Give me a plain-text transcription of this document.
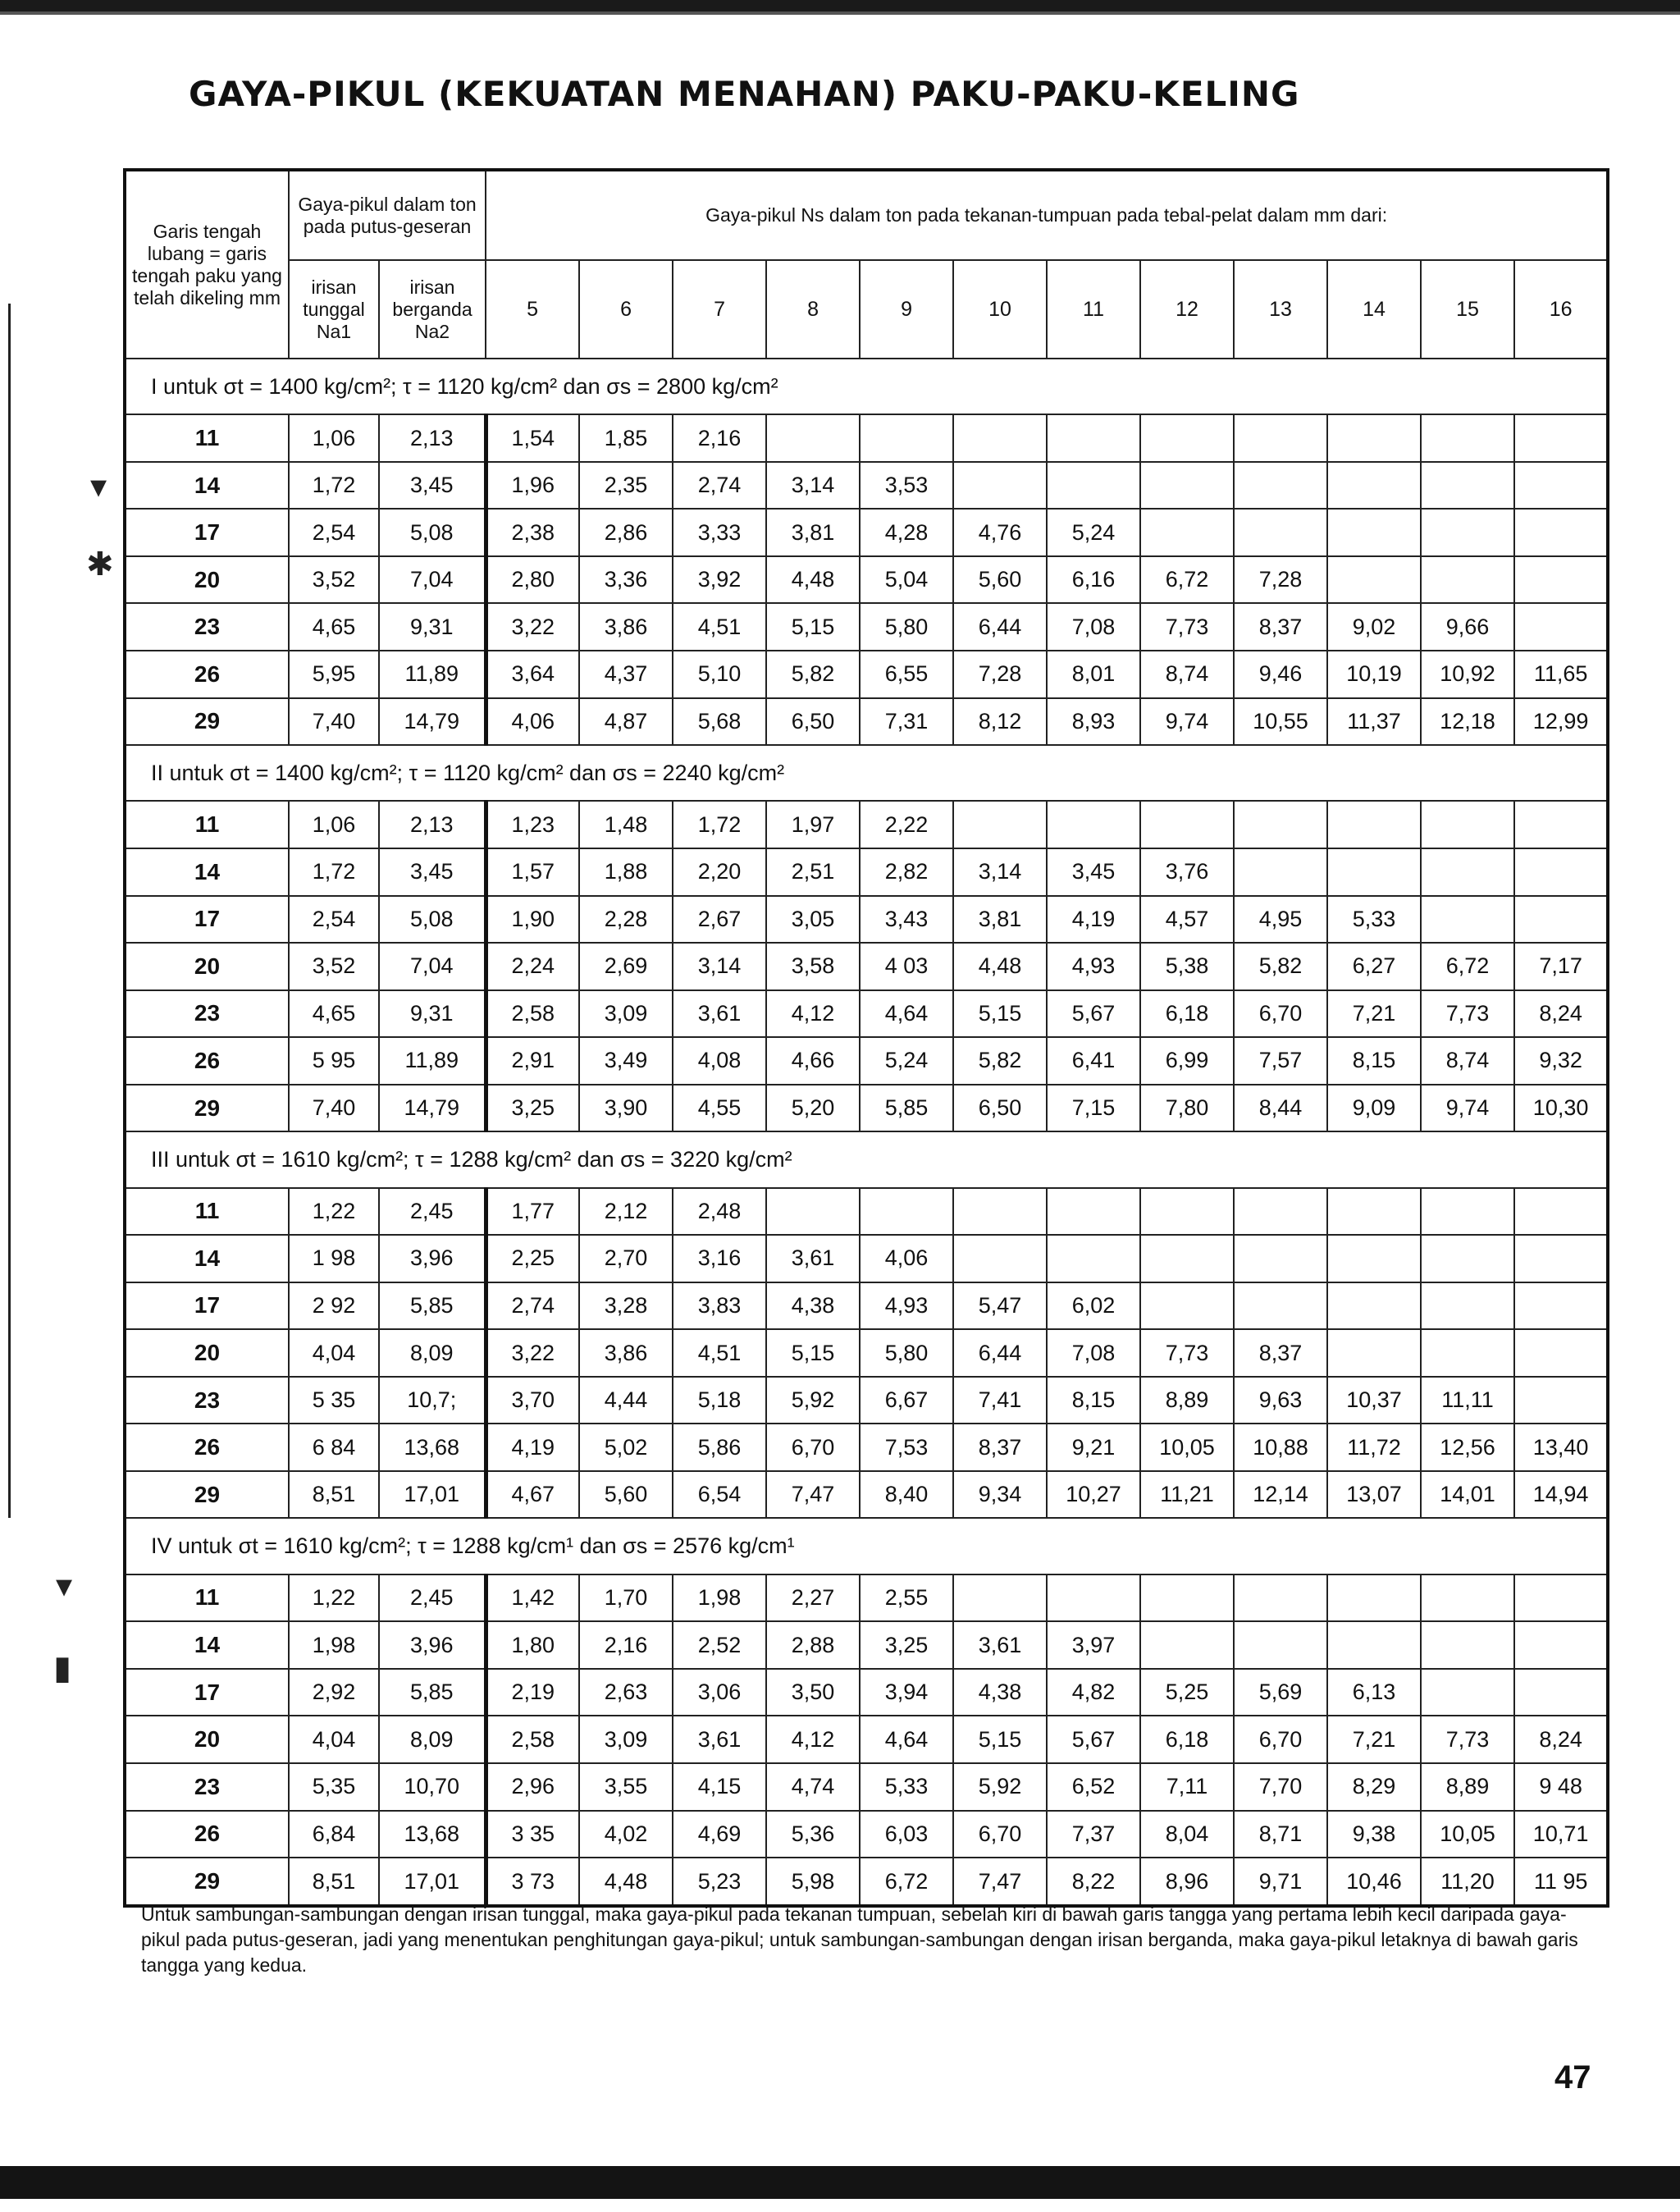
▾
✱
▾
▮
GAYA-PIKUL (KEKUATAN MENAHAN) PAKU-PAKU-KELING
Garis tengah lubang = garis tengah paku yang telah dikeling mm	Gaya-pikul dalam ton pada putus-geseran		Gaya-pikul Ns dalam ton pada tekanan-tumpuan pada tebal-pelat dalam mm dari:											
	irisan tunggal Na1	irisan berganda Na2	5	6	7	8	9	10	11	12	13	14	15	16
I untuk σt = 1400 kg/cm²; τ = 1120 kg/cm² dan σs = 2800 kg/cm²														
11	1,06	2,13	1,54	1,85	2,16									
14	1,72	3,45	1,96	2,35	2,74	3,14	3,53							
17	2,54	5,08	2,38	2,86	3,33	3,81	4,28	4,76	5,24					
20	3,52	7,04	2,80	3,36	3,92	4,48	5,04	5,60	6,16	6,72	7,28			
23	4,65	9,31	3,22	3,86	4,51	5,15	5,80	6,44	7,08	7,73	8,37	9,02	9,66	
26	5,95	11,89	3,64	4,37	5,10	5,82	6,55	7,28	8,01	8,74	9,46	10,19	10,92	11,65
29	7,40	14,79	4,06	4,87	5,68	6,50	7,31	8,12	8,93	9,74	10,55	11,37	12,18	12,99
II untuk σt = 1400 kg/cm²; τ = 1120 kg/cm² dan σs = 2240 kg/cm²														
11	1,06	2,13	1,23	1,48	1,72	1,97	2,22							
14	1,72	3,45	1,57	1,88	2,20	2,51	2,82	3,14	3,45	3,76				
17	2,54	5,08	1,90	2,28	2,67	3,05	3,43	3,81	4,19	4,57	4,95	5,33		
20	3,52	7,04	2,24	2,69	3,14	3,58	4 03	4,48	4,93	5,38	5,82	6,27	6,72	7,17
23	4,65	9,31	2,58	3,09	3,61	4,12	4,64	5,15	5,67	6,18	6,70	7,21	7,73	8,24
26	5 95	11,89	2,91	3,49	4,08	4,66	5,24	5,82	6,41	6,99	7,57	8,15	8,74	9,32
29	7,40	14,79	3,25	3,90	4,55	5,20	5,85	6,50	7,15	7,80	8,44	9,09	9,74	10,30
III untuk σt = 1610 kg/cm²; τ = 1288 kg/cm² dan σs = 3220 kg/cm²														
11	1,22	2,45	1,77	2,12	2,48									
14	1 98	3,96	2,25	2,70	3,16	3,61	4,06							
17	2 92	5,85	2,74	3,28	3,83	4,38	4,93	5,47	6,02					
20	4,04	8,09	3,22	3,86	4,51	5,15	5,80	6,44	7,08	7,73	8,37			
23	5 35	10,7;	3,70	4,44	5,18	5,92	6,67	7,41	8,15	8,89	9,63	10,37	11,11	
26	6 84	13,68	4,19	5,02	5,86	6,70	7,53	8,37	9,21	10,05	10,88	11,72	12,56	13,40
29	8,51	17,01	4,67	5,60	6,54	7,47	8,40	9,34	10,27	11,21	12,14	13,07	14,01	14,94
IV untuk σt = 1610 kg/cm²; τ = 1288 kg/cm¹ dan σs = 2576 kg/cm¹														
11	1,22	2,45	1,42	1,70	1,98	2,27	2,55							
14	1,98	3,96	1,80	2,16	2,52	2,88	3,25	3,61	3,97					
17	2,92	5,85	2,19	2,63	3,06	3,50	3,94	4,38	4,82	5,25	5,69	6,13		
20	4,04	8,09	2,58	3,09	3,61	4,12	4,64	5,15	5,67	6,18	6,70	7,21	7,73	8,24
23	5,35	10,70	2,96	3,55	4,15	4,74	5,33	5,92	6,52	7,11	7,70	8,29	8,89	9 48
26	6,84	13,68	3 35	4,02	4,69	5,36	6,03	6,70	7,37	8,04	8,71	9,38	10,05	10,71
29	8,51	17,01	3 73	4,48	5,23	5,98	6,72	7,47	8,22	8,96	9,71	10,46	11,20	11 95

Untuk sambungan-sambungan dengan irisan tunggal, maka gaya-pikul pada tekanan tumpuan, sebelah kiri di bawah garis tangga yang pertama lebih kecil daripada gaya-pikul pada putus-geseran, jadi yang menentukan penghitungan gaya-pikul; untuk sambungan-sambungan dengan irisan berganda, maka gaya-pikul letaknya di bawah garis tangga yang kedua.

47
